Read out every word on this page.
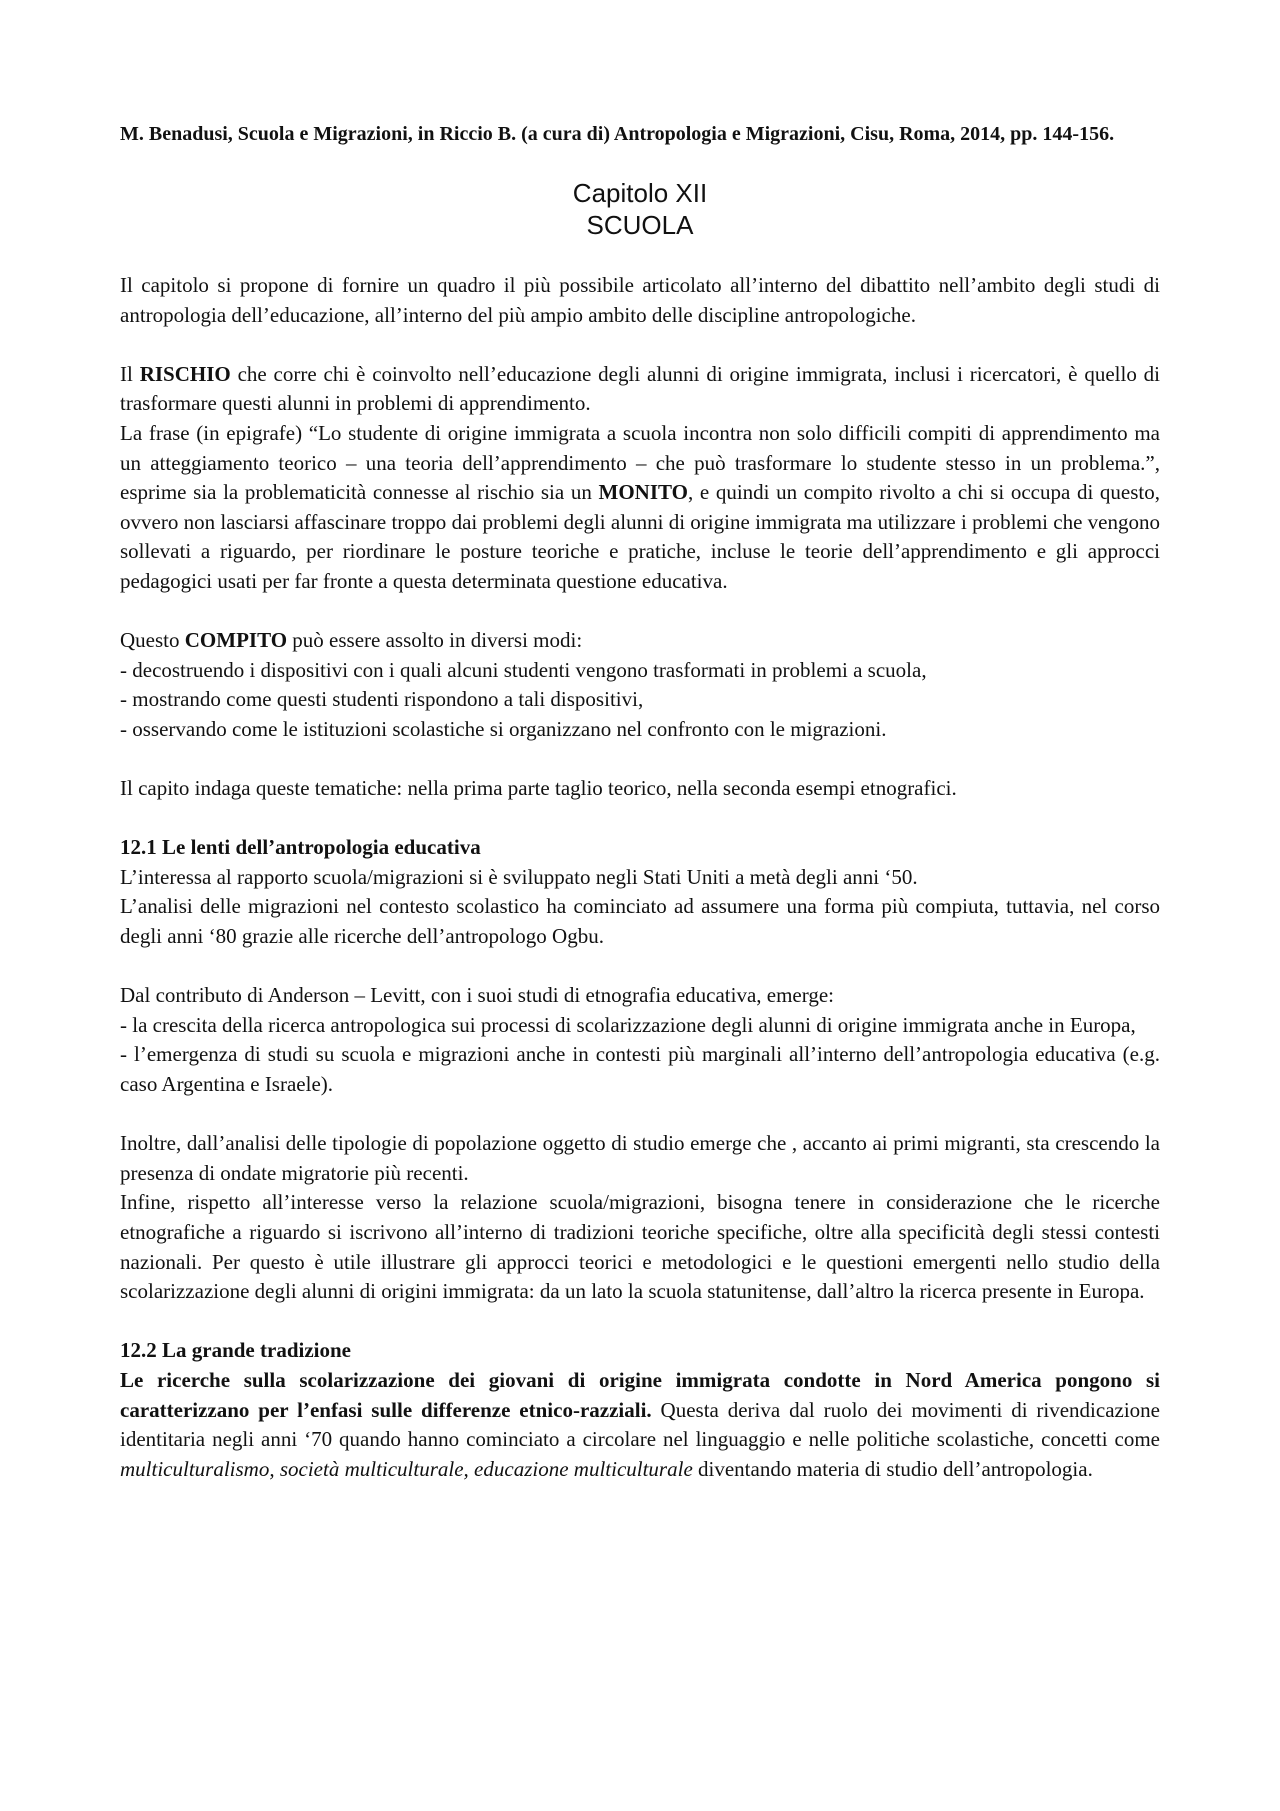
M. Benadusi, Scuola e Migrazioni, in Riccio B. (a cura di) Antropologia e Migrazioni, Cisu, Roma, 2014, pp. 144-156.

Capitolo XII
SCUOLA

Il capitolo si propone di fornire un quadro il più possibile articolato all’interno del dibattito nell’ambito degli studi di antropologia dell’educazione, all’interno del più ampio ambito delle discipline antropologiche.

Il RISCHIO che corre chi è coinvolto nell’educazione degli alunni di origine immigrata, inclusi i ricercatori, è quello di trasformare questi alunni in problemi di apprendimento.

La frase (in epigrafe) “Lo studente di origine immigrata a scuola incontra non solo difficili compiti di apprendimento ma un atteggiamento teorico – una teoria dell’apprendimento – che può trasformare lo studente stesso in un problema.”, esprime sia la problematicità connesse al rischio sia un MONITO, e quindi un compito rivolto a chi si occupa di questo, ovvero non lasciarsi affascinare troppo dai problemi degli alunni di origine immigrata ma utilizzare i problemi che vengono sollevati a riguardo, per riordinare le posture teoriche e pratiche, incluse le teorie dell’apprendimento e gli approcci pedagogici usati per far fronte a questa determinata questione educativa.

Questo COMPITO può essere assolto in diversi modi:

- decostruendo i dispositivi con i quali alcuni studenti vengono trasformati in problemi a scuola,

- mostrando come questi studenti rispondono a tali dispositivi,

- osservando come le istituzioni scolastiche si organizzano nel confronto con le migrazioni.

Il capito indaga queste tematiche: nella prima parte taglio teorico, nella seconda esempi etnografici.

12.1 Le lenti dell’antropologia educativa

L’interessa al rapporto scuola/migrazioni si è sviluppato negli Stati Uniti a metà degli anni ‘50.

L’analisi delle migrazioni nel contesto scolastico ha cominciato ad assumere una forma più compiuta, tuttavia, nel corso degli anni ‘80 grazie alle ricerche dell’antropologo Ogbu.

Dal contributo di Anderson – Levitt, con i suoi studi di etnografia educativa, emerge:

- la crescita della ricerca antropologica sui processi di scolarizzazione degli alunni di origine immigrata anche in Europa,

- l’emergenza di studi su scuola e migrazioni anche in contesti più marginali all’interno dell’antropologia educativa (e.g. caso Argentina e Israele).

Inoltre, dall’analisi delle tipologie di popolazione oggetto di studio emerge che , accanto ai primi migranti, sta crescendo la presenza di ondate migratorie più recenti.

Infine, rispetto all’interesse verso la relazione scuola/migrazioni, bisogna tenere in considerazione che le ricerche etnografiche a riguardo si iscrivono all’interno di tradizioni teoriche specifiche, oltre alla specificità degli stessi contesti nazionali. Per questo è utile illustrare gli approcci teorici e metodologici e le questioni emergenti nello studio della scolarizzazione degli alunni di origini immigrata: da un lato la scuola statunitense, dall’altro la ricerca presente in Europa.

12.2 La grande tradizione

Le ricerche sulla scolarizzazione dei giovani di origine immigrata condotte in Nord America pongono si caratterizzano per l’enfasi sulle differenze etnico-razziali. Questa deriva dal ruolo dei movimenti di rivendicazione identitaria negli anni ‘70 quando hanno cominciato a circolare nel linguaggio e nelle politiche scolastiche, concetti come multiculturalismo, società multiculturale, educazione multiculturale diventando materia di studio dell’antropologia.
